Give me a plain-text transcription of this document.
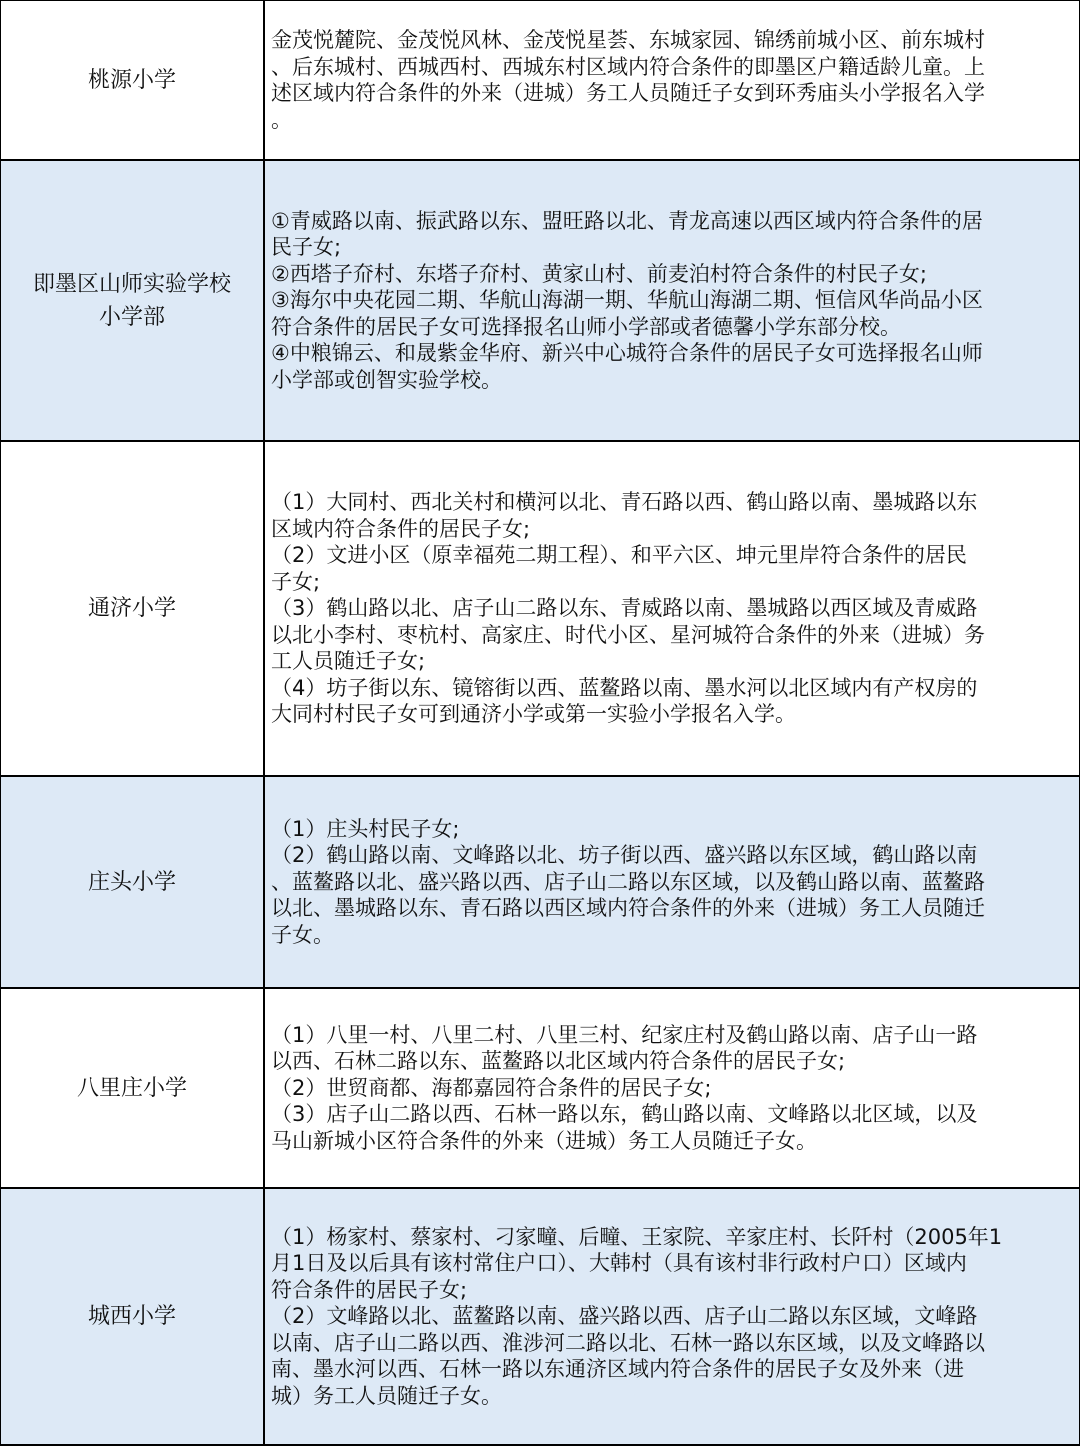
桃源小学
金茂悦麓院、金茂悦风林、金茂悦星荟、东城家园、锦绣前城小区、前东城村
、后东城村、西城西村、西城东村区域内符合条件的即墨区户籍适龄儿童。上
述区域内符合条件的外来（进城）务工人员随迁子女到环秀庙头小学报名入学
。
即墨区山师实验学校
小学部
①青威路以南、振武路以东、盟旺路以北、青龙高速以西区域内符合条件的居
民子女;
②西塔子夼村、东塔子夼村、黄家山村、前麦泊村符合条件的村民子女;
③海尔中央花园二期、华航山海湖一期、华航山海湖二期、恒信风华尚品小区
符合条件的居民子女可选择报名山师小学部或者德馨小学东部分校。
④中粮锦云、和晟紫金华府、新兴中心城符合条件的居民子女可选择报名山师
小学部或创智实验学校。
通济小学
（1）大同村、西北关村和横河以北、青石路以西、鹤山路以南、墨城路以东
区域内符合条件的居民子女;
（2）文进小区（原幸福苑二期工程）、和平六区、坤元里岸符合条件的居民
子女;
（3）鹤山路以北、店子山二路以东、青威路以南、墨城路以西区域及青威路
以北小李村、枣杭村、高家庄、时代小区、星河城符合条件的外来（进城）务
工人员随迁子女;
（4）坊子街以东、镜镕街以西、蓝鳌路以南、墨水河以北区域内有产权房的
大同村村民子女可到通济小学或第一实验小学报名入学。
庄头小学
（1）庄头村民子女;
（2）鹤山路以南、文峰路以北、坊子街以西、盛兴路以东区域，鹤山路以南
、蓝鳌路以北、盛兴路以西、店子山二路以东区域，以及鹤山路以南、蓝鳌路
以北、墨城路以东、青石路以西区域内符合条件的外来（进城）务工人员随迁
子女。
八里庄小学
（1）八里一村、八里二村、八里三村、纪家庄村及鹤山路以南、店子山一路
以西、石林二路以东、蓝鳌路以北区域内符合条件的居民子女;
（2）世贸商都、海都嘉园符合条件的居民子女;
（3）店子山二路以西、石林一路以东，鹤山路以南、文峰路以北区域，以及
马山新城小区符合条件的外来（进城）务工人员随迁子女。
城西小学
（1）杨家村、蔡家村、刁家疃、后疃、王家院、辛家庄村、长阡村（2005年1
月1日及以后具有该村常住户口）、大韩村（具有该村非行政村户口）区域内
符合条件的居民子女;
（2）文峰路以北、蓝鳌路以南、盛兴路以西、店子山二路以东区域，文峰路
以南、店子山二路以西、淮涉河二路以北、石林一路以东区域，以及文峰路以
南、墨水河以西、石林一路以东通济区域内符合条件的居民子女及外来（进
城）务工人员随迁子女。
